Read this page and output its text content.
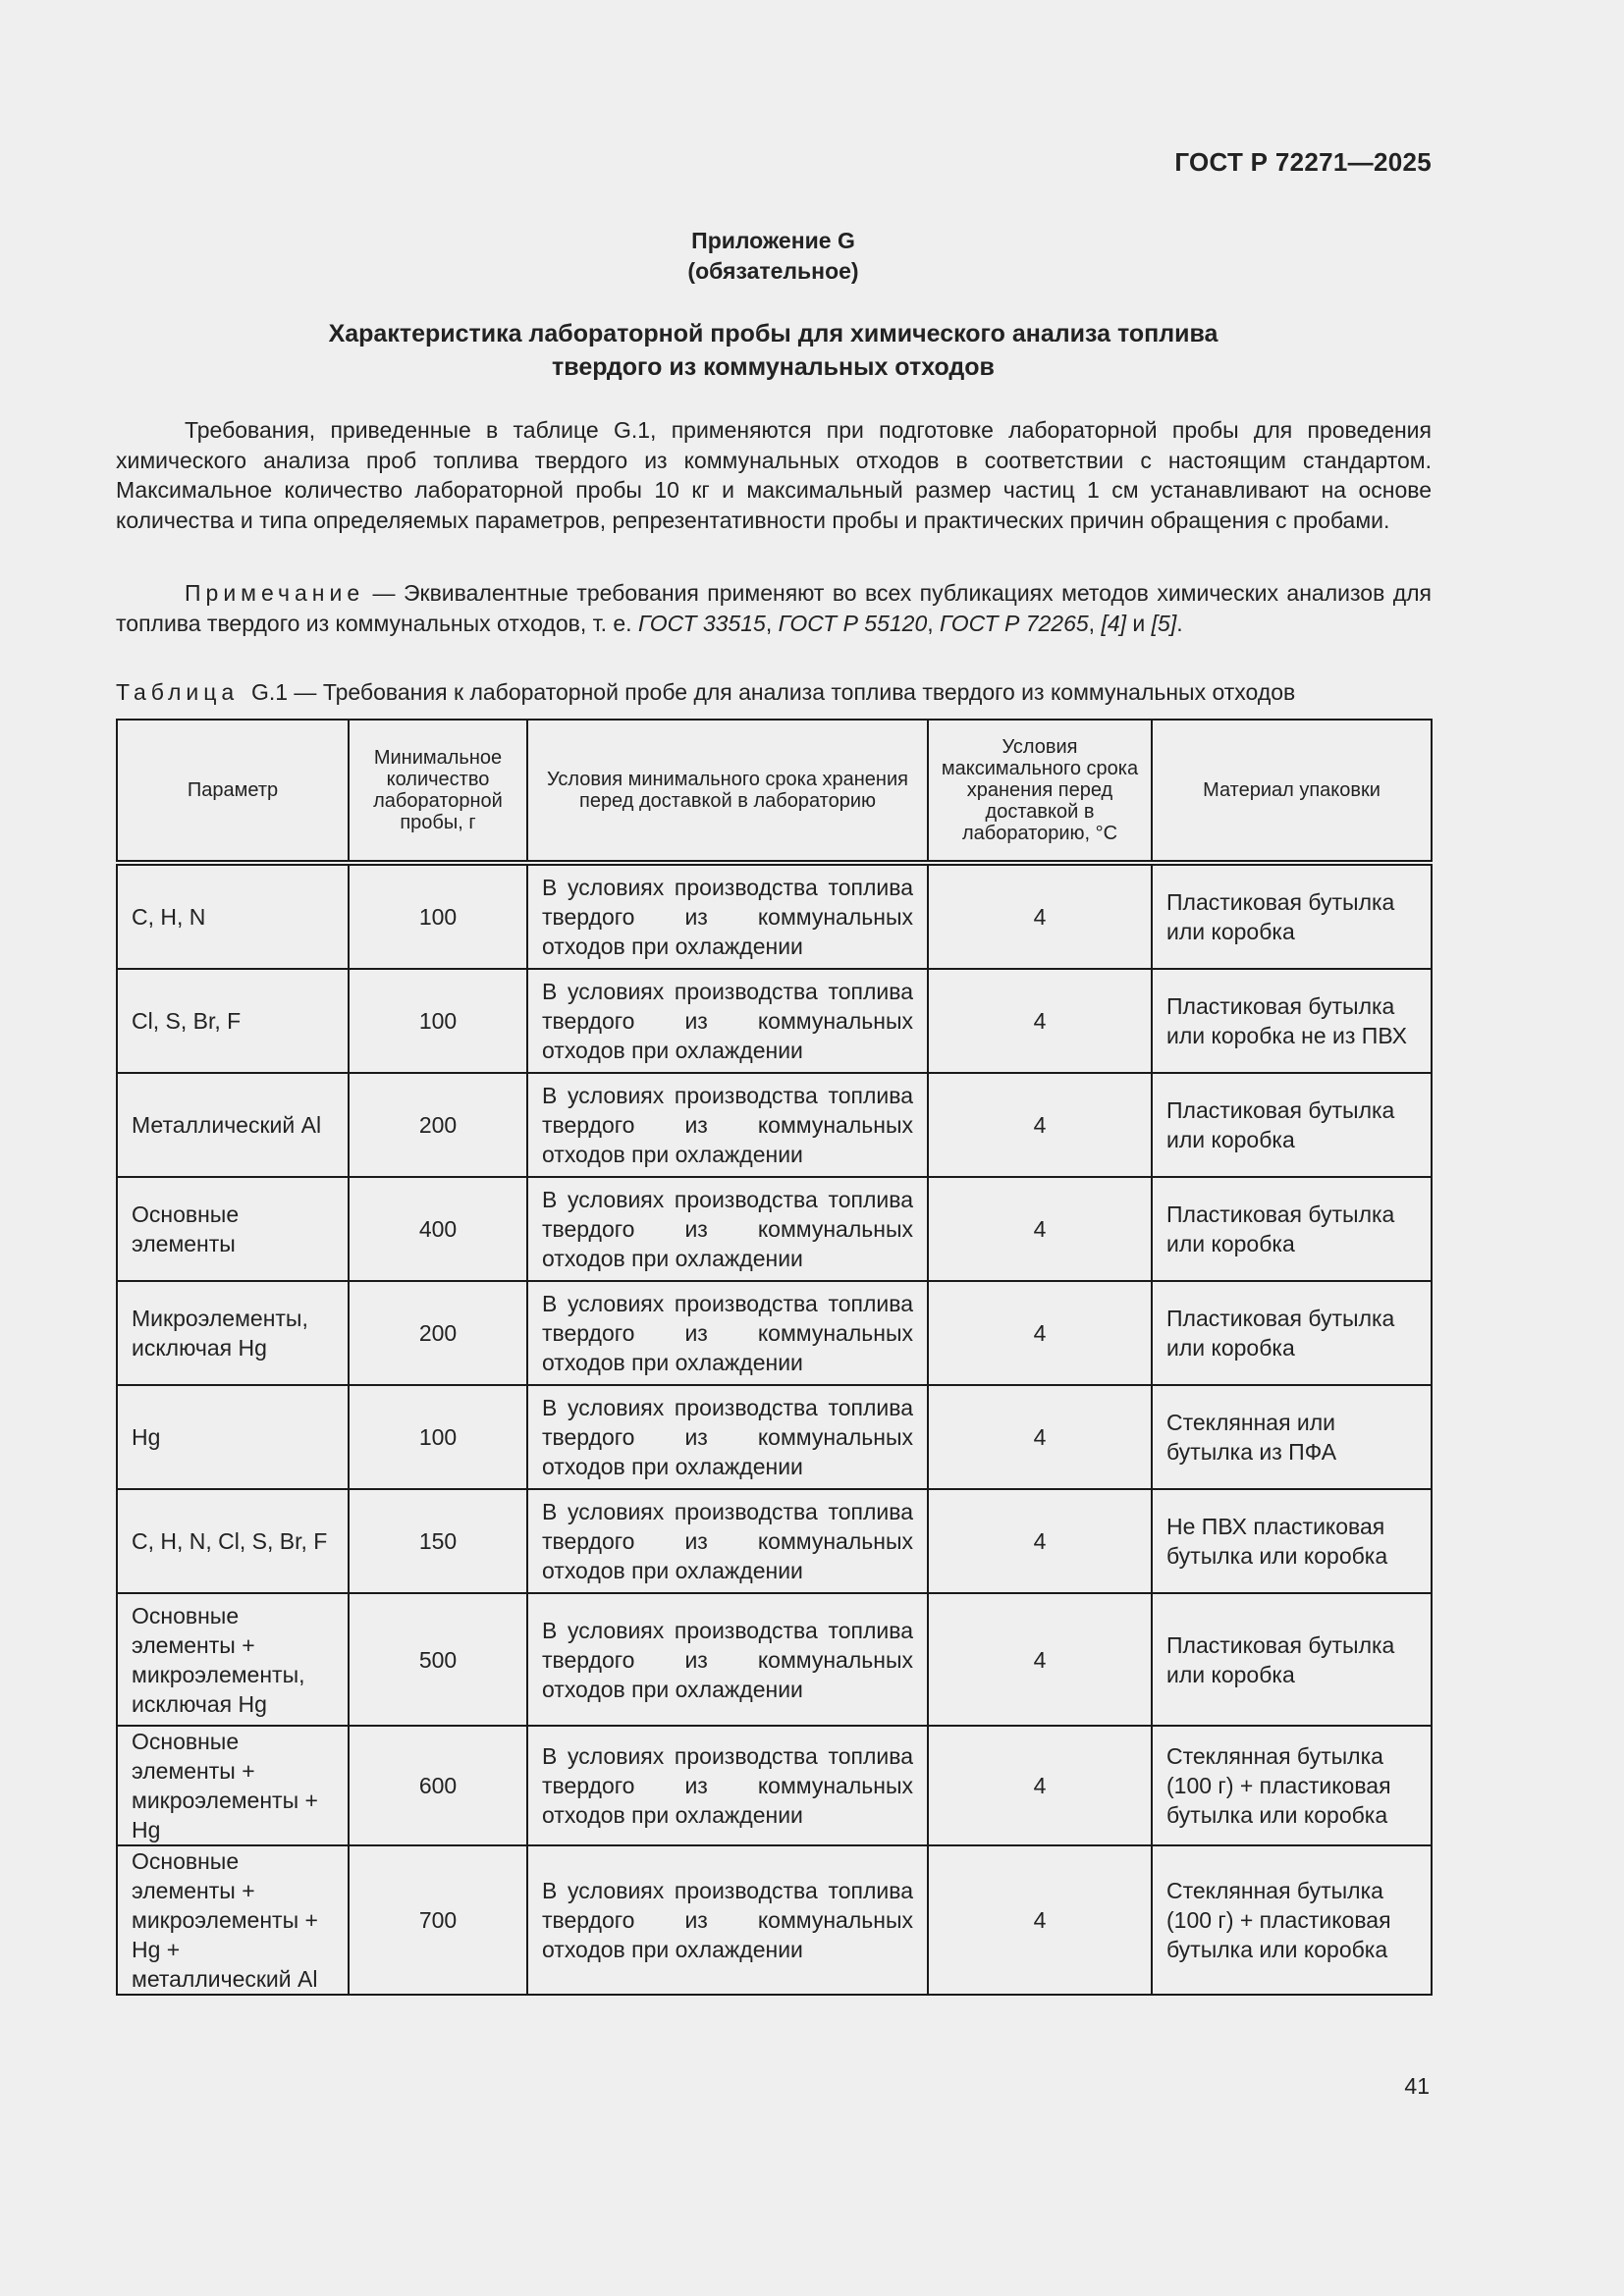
ГОСТ Р 72271—2025
Приложение G
(обязательное)
Характеристика лабораторной пробы для химического анализа топлива
твердого из коммунальных отходов

Требования, приведенные в таблице G.1, применяются при подготовке лабораторной пробы для проведения химического анализа проб топлива твердого из коммунальных отходов в соответствии с настоящим стандартом. Максимальное количество лабораторной пробы 10 кг и максимальный размер частиц 1 см устанавливают на основе количества и типа определяемых параметров, репрезентативности пробы и практических причин обращения с пробами.

Примечание — Эквивалентные требования применяют во всех публикациях методов химических анализов для топлива твердого из коммунальных отходов, т. е. ГОСТ 33515, ГОСТ Р 55120, ГОСТ Р 72265, [4] и [5].

Таблица G.1 — Требования к лабораторной пробе для анализа топлива твердого из коммунальных отходов
Параметр	Минимальное количество лабораторной пробы, г	Условия минимального срока хранения перед доставкой в лабораторию	Условия максимального срока хранения перед доставкой в лабораторию, °C	Материал упаковки
C, H, N	100	В условиях производства топлива твердого из коммунальных отходов при охлаждении	4	Пластиковая бутылка или коробка
Cl, S, Br, F	100	В условиях производства топлива твердого из коммунальных отходов при охлаждении	4	Пластиковая бутылка или коробка не из ПВХ
Металлический Al	200	В условиях производства топлива твердого из коммунальных отходов при охлаждении	4	Пластиковая бутылка или коробка
Основные элементы	400	В условиях производства топлива твердого из коммунальных отходов при охлаждении	4	Пластиковая бутылка или коробка
Микроэлементы, исключая Hg	200	В условиях производства топлива твердого из коммунальных отходов при охлаждении	4	Пластиковая бутылка или коробка
Hg	100	В условиях производства топлива твердого из коммунальных отходов при охлаждении	4	Стеклянная или бутылка из ПФА
C, H, N, Cl, S, Br, F	150	В условиях производства топлива твердого из коммунальных отходов при охлаждении	4	Не ПВХ пластиковая бутылка или коробка
Основные элементы + микроэлементы, исключая Hg	500	В условиях производства топлива твердого из коммунальных отходов при охлаждении	4	Пластиковая бутылка или коробка
Основные элементы + микроэлементы + Hg	600	В условиях производства топлива твердого из коммунальных отходов при охлаждении	4	Стеклянная бутылка (100 г) + пластиковая бутылка или коробка
Основные элементы + микроэлементы + Hg + металлический Al	700	В условиях производства топлива твердого из коммунальных отходов при охлаждении	4	Стеклянная бутылка (100 г) + пластиковая бутылка или коробка
41
